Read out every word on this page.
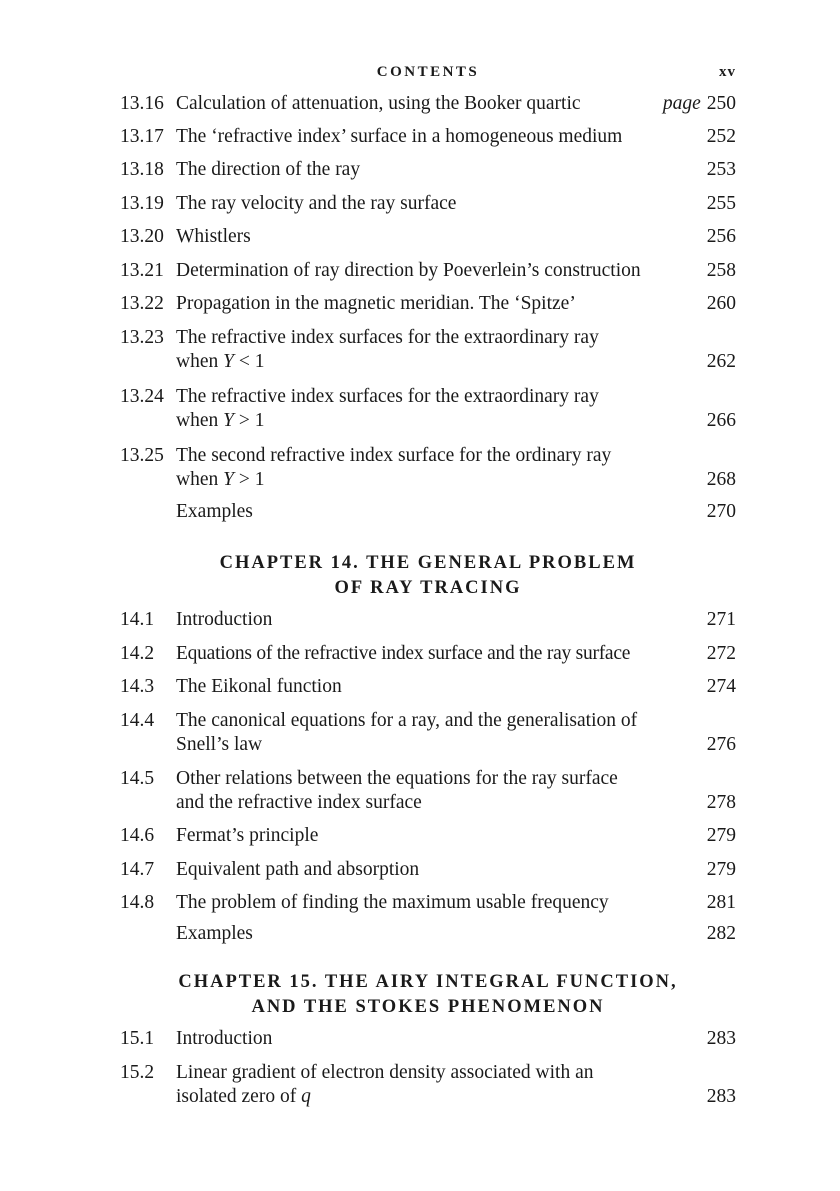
CONTENTS	xv
13.16 Calculation of attenuation, using the Booker quartic	page 250
13.17 The ‘refractive index’ surface in a homogeneous medium	252
13.18 The direction of the ray	253
13.19 The ray velocity and the ray surface	255
13.20 Whistlers	256
13.21 Determination of ray direction by Poeverlein’s construction	258
13.22 Propagation in the magnetic meridian. The ‘Spitze’	260
13.23 The refractive index surfaces for the extraordinary ray
when Y < 1	262
13.24 The refractive index surfaces for the extraordinary ray
when Y > 1	266
13.25 The second refractive index surface for the ordinary ray
when Y > 1	268
Examples	270
CHAPTER 14. THE GENERAL PROBLEM
OF RAY TRACING
14.1	Introduction	271
14.2	Equations of the refractive index surface and the ray surface	272
14.3	The Eikonal function	274
14.4	The canonical equations for a ray, and the generalisation of
Snell’s law	276
14.5	Other relations between the equations for the ray surface
and the refractive index surface	278
14.6	Fermat’s principle	279
14.7	Equivalent path and absorption	279
14.8	The problem of finding the maximum usable frequency	281
Examples	282
CHAPTER 15. THE AIRY INTEGRAL FUNCTION,
AND THE STOKES PHENOMENON
15.1	Introduction	283
15.2	Linear gradient of electron density associated with an
isolated zero of q	283
